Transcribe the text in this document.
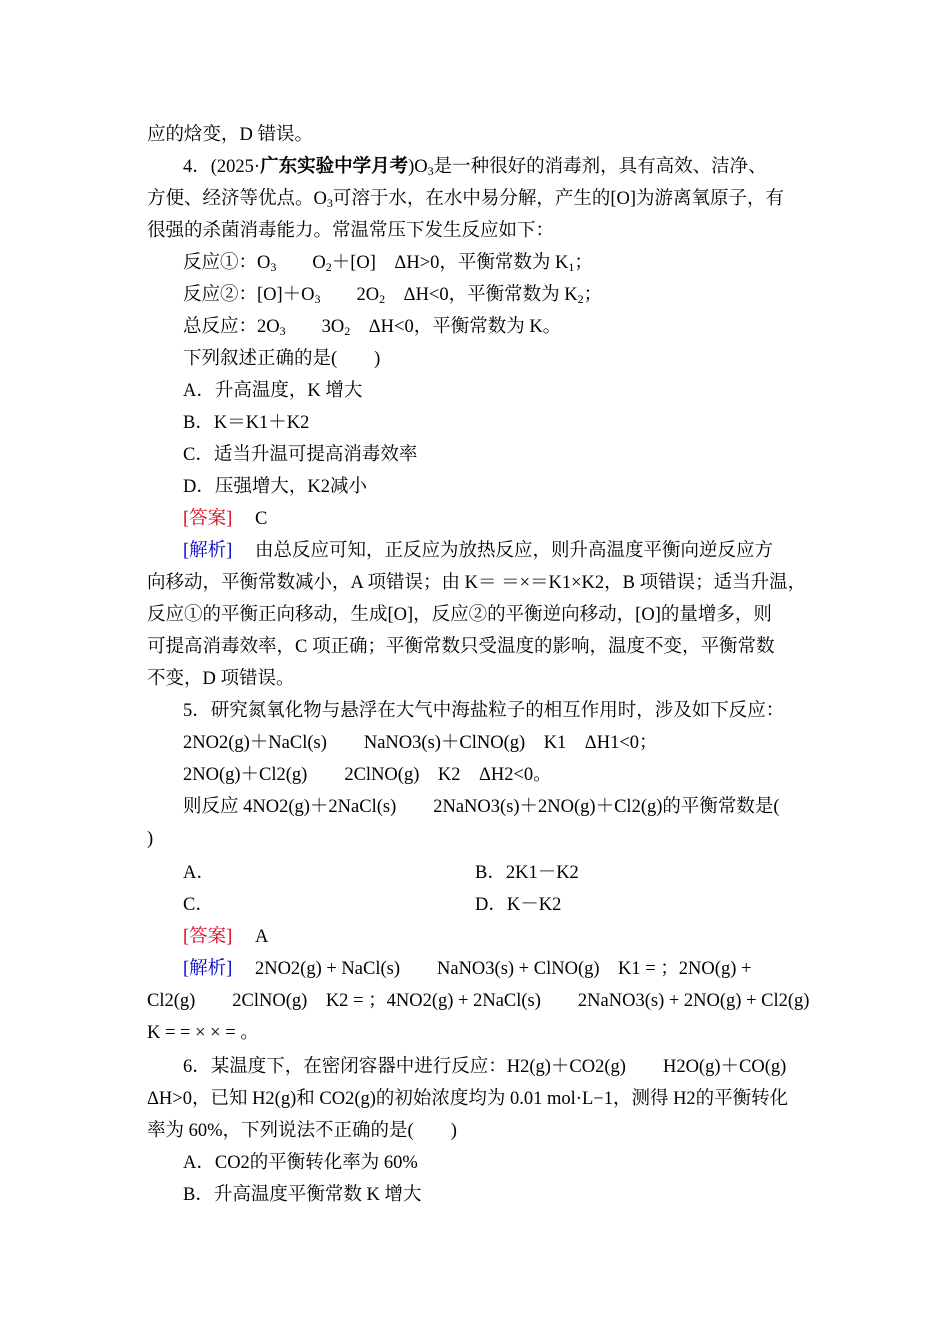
应的焓变，D 错误。
4．(2025·广东实验中学月考)$O_3$是一种很好的消毒剂，具有高效、洁净、
方便、经济等优点。$O_3$可溶于水，在水中易分解，产生的[O]为游离氧原子，有
很强的杀菌消毒能力。常温常压下发生反应如下：
反应①：$O_3$ $O_2+[O]$　ΔH>0，平衡常数为 $K_1$；
反应②：$[O]+O_3$ $2O_2$　ΔH<0，平衡常数为 $K_2$；
总反应：$2O_3$ $3O_2$　ΔH<0，平衡常数为 K。
下列叙述正确的是(　　)
A．升高温度，K 增大
B．K＝K1＋K2
C．适当升温可提高消毒效率
D．压强增大，K2减小
[答案] C
[解析] 由总反应可知，正反应为放热反应，则升高温度平衡向逆反应方
向移动，平衡常数减小，A 项错误；由 K＝ ＝×＝K1×K2，B 项错误；适当升温，
反应①的平衡正向移动，生成[O]，反应②的平衡逆向移动，[O]的量增多，则
可提高消毒效率，C 项正确；平衡常数只受温度的影响，温度不变，平衡常数
不变，D 项错误。
5．研究氮氧化物与悬浮在大气中海盐粒子的相互作用时，涉及如下反应：
2NO2(g)＋NaCl(s)　　NaNO3(s)＋ClNO(g)　K1　ΔH1<0；
2NO(g)＋Cl2(g)　　2ClNO(g)　K2　ΔH2<0。
则反应 4NO2(g)＋2NaCl(s)　　2NaNO3(s)＋2NO(g)＋Cl2(g)的平衡常数是(
)
A．	B．2K1－K2
C．	D．K－K2
[答案] A
[解析] 2NO2(g) + NaCl(s)　　NaNO3(s) + ClNO(g)　K1 = ；2NO(g) +
Cl2(g)　　2ClNO(g)　K2 = ；4NO2(g) + 2NaCl(s)　　2NaNO3(s) + 2NO(g) + Cl2(g)
K = = × × = 。
6．某温度下，在密闭容器中进行反应：H2(g)＋CO2(g)　　H2O(g)＋CO(g)
ΔH>0，已知 H2(g)和 CO2(g)的初始浓度均为 0.01 mol·L−1，测得 H2的平衡转化
率为 60%，下列说法不正确的是(　　)
A．CO2的平衡转化率为 60%
B．升高温度平衡常数 K 增大
